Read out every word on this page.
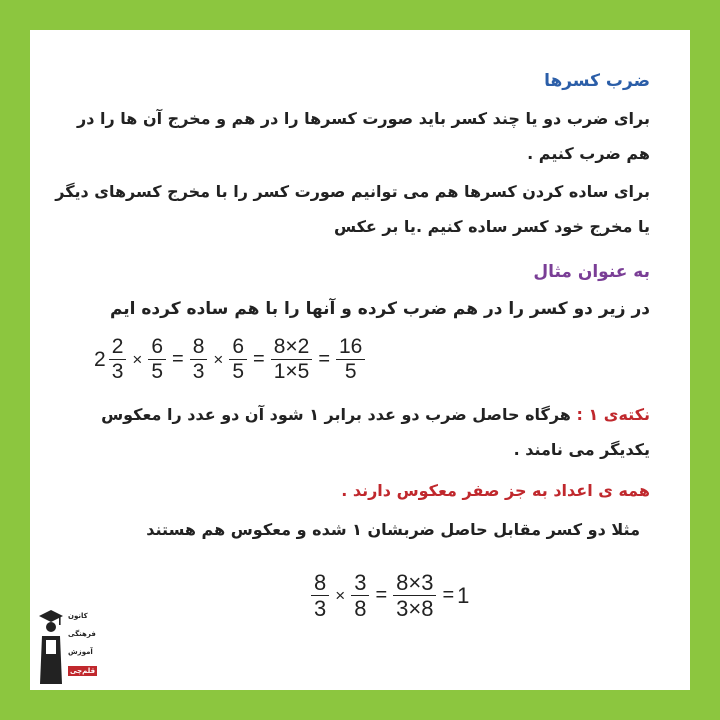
ضرب کسرها
برای ضرب دو یا چند کسر باید صورت کسرها را در هم و مخرج آن ها را در
هم ضرب کنیم .
برای ساده کردن کسرها هم می توانیم صورت کسر را با مخرج کسرهای دیگر
یا مخرج خود کسر ساده کنیم .یا بر عکس
به عنوان مثال
در زیر دو کسر را در هم ضرب کرده و آنها را با هم ساده کرده ایم
$2 \frac{2}{3} \times \frac{6}{5} = \frac{8}{3} \times \frac{6}{5} = \frac{8\times 2}{1\times 5} = \frac{16}{5}$
نکته‌ی ۱ : هرگاه حاصل ضرب دو عدد برابر ۱ شود آن دو عدد را معکوس
یکدیگر می نامند .
همه ی اعداد به جز صفر معکوس دارند .
مثلا دو کسر مقابل حاصل ضربشان ۱ شده و معکوس هم هستند
$\frac{8}{3} \times \frac{3}{8} = \frac{8\times 3}{3\times 8} = 1$
کانون
فرهنگی
آموزش
قلم‌چی
